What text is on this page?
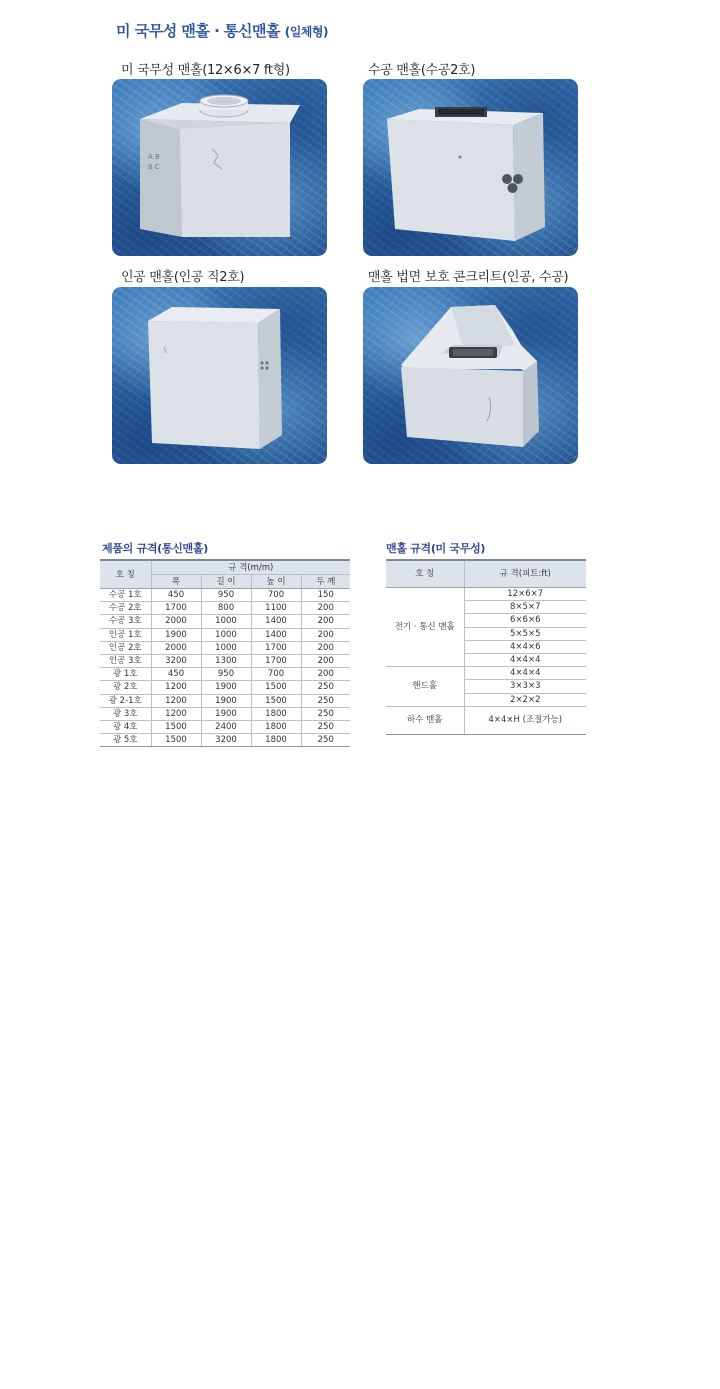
미 국무성 맨홀 · 통신맨홀 (일체형)
미 국무성 맨홀(12×6×7 ft형)	수공 맨홀(수공2호)
인공 맨홀(인공 직2호)	맨홀 법면 보호 콘크리트(인공, 수공)
A B
8 C
제품의 규격(통신맨홀)
호 칭	규 격(m/m)			
	폭	길 이	높 이	두 께
수공 1호	450	950	700	150
수공 2호	1700	800	1100	200
수공 3호	2000	1000	1400	200
인공 1호	1900	1000	1400	200
인공 2호	2000	1000	1700	200
인공 3호	3200	1300	1700	200
광 1호	450	950	700	200
광 2호	1200	1900	1500	250
광 2-1호	1200	1900	1500	250
광 3호	1200	1900	1800	250
광 4호	1500	2400	1800	250
광 5호	1500	3200	1800	250
맨홀 규격(미 국무성)
호 칭	규 격(피트:ft)
전기 · 통신 맨홀	12×6×7
	8×5×7
	6×6×6
	5×5×5
	4×4×6
	4×4×4
핸드홀	4×4×4
	3×3×3
	2×2×2
하수 맨홀	4×4×H (조절가능)
